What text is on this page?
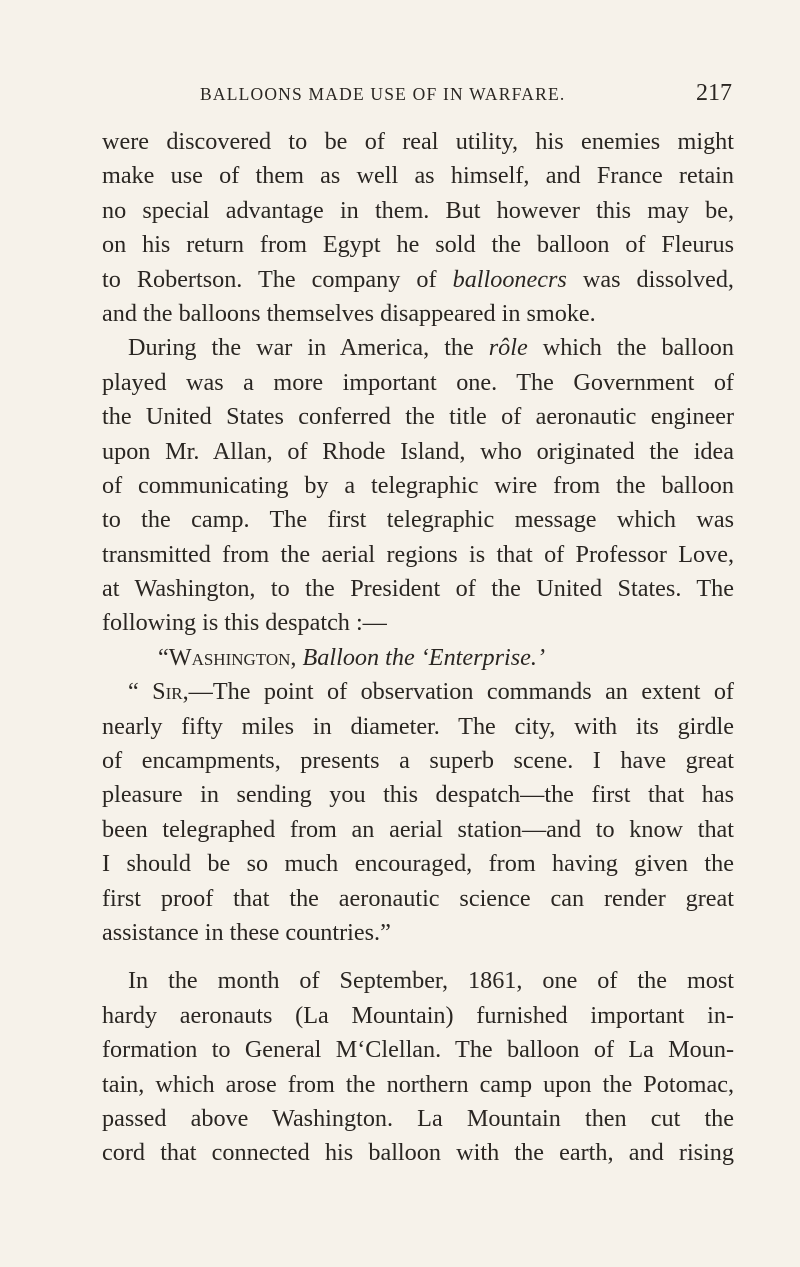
BALLOONS MADE USE OF IN WARFARE.	217
were discovered to be of real utility, his enemies might
make use of them as well as himself, and France retain
no special advantage in them. But however this may be,
on his return from Egypt he sold the balloon of Fleurus
to Robertson. The company of balloonecrs was dissolved,
and the balloons themselves disappeared in smoke.
During the war in America, the rôle which the balloon
played was a more important one. The Government of
the United States conferred the title of aeronautic engineer
upon Mr. Allan, of Rhode Island, who originated the idea
of communicating by a telegraphic wire from the balloon
to the camp. The first telegraphic message which was
transmitted from the aerial regions is that of Professor Love,
at Washington, to the President of the United States. The
following is this despatch :—
“Washington, Balloon the ‘Enterprise.’
“ Sir,—The point of observation commands an extent of
nearly fifty miles in diameter. The city, with its girdle
of encampments, presents a superb scene. I have great
pleasure in sending you this despatch—the first that has
been telegraphed from an aerial station—and to know that
I should be so much encouraged, from having given the
first proof that the aeronautic science can render great
assistance in these countries.”
In the month of September, 1861, one of the most
hardy aeronauts (La Mountain) furnished important in-
formation to General M‘Clellan. The balloon of La Moun-
tain, which arose from the northern camp upon the Potomac,
passed above Washington. La Mountain then cut the
cord that connected his balloon with the earth, and rising
